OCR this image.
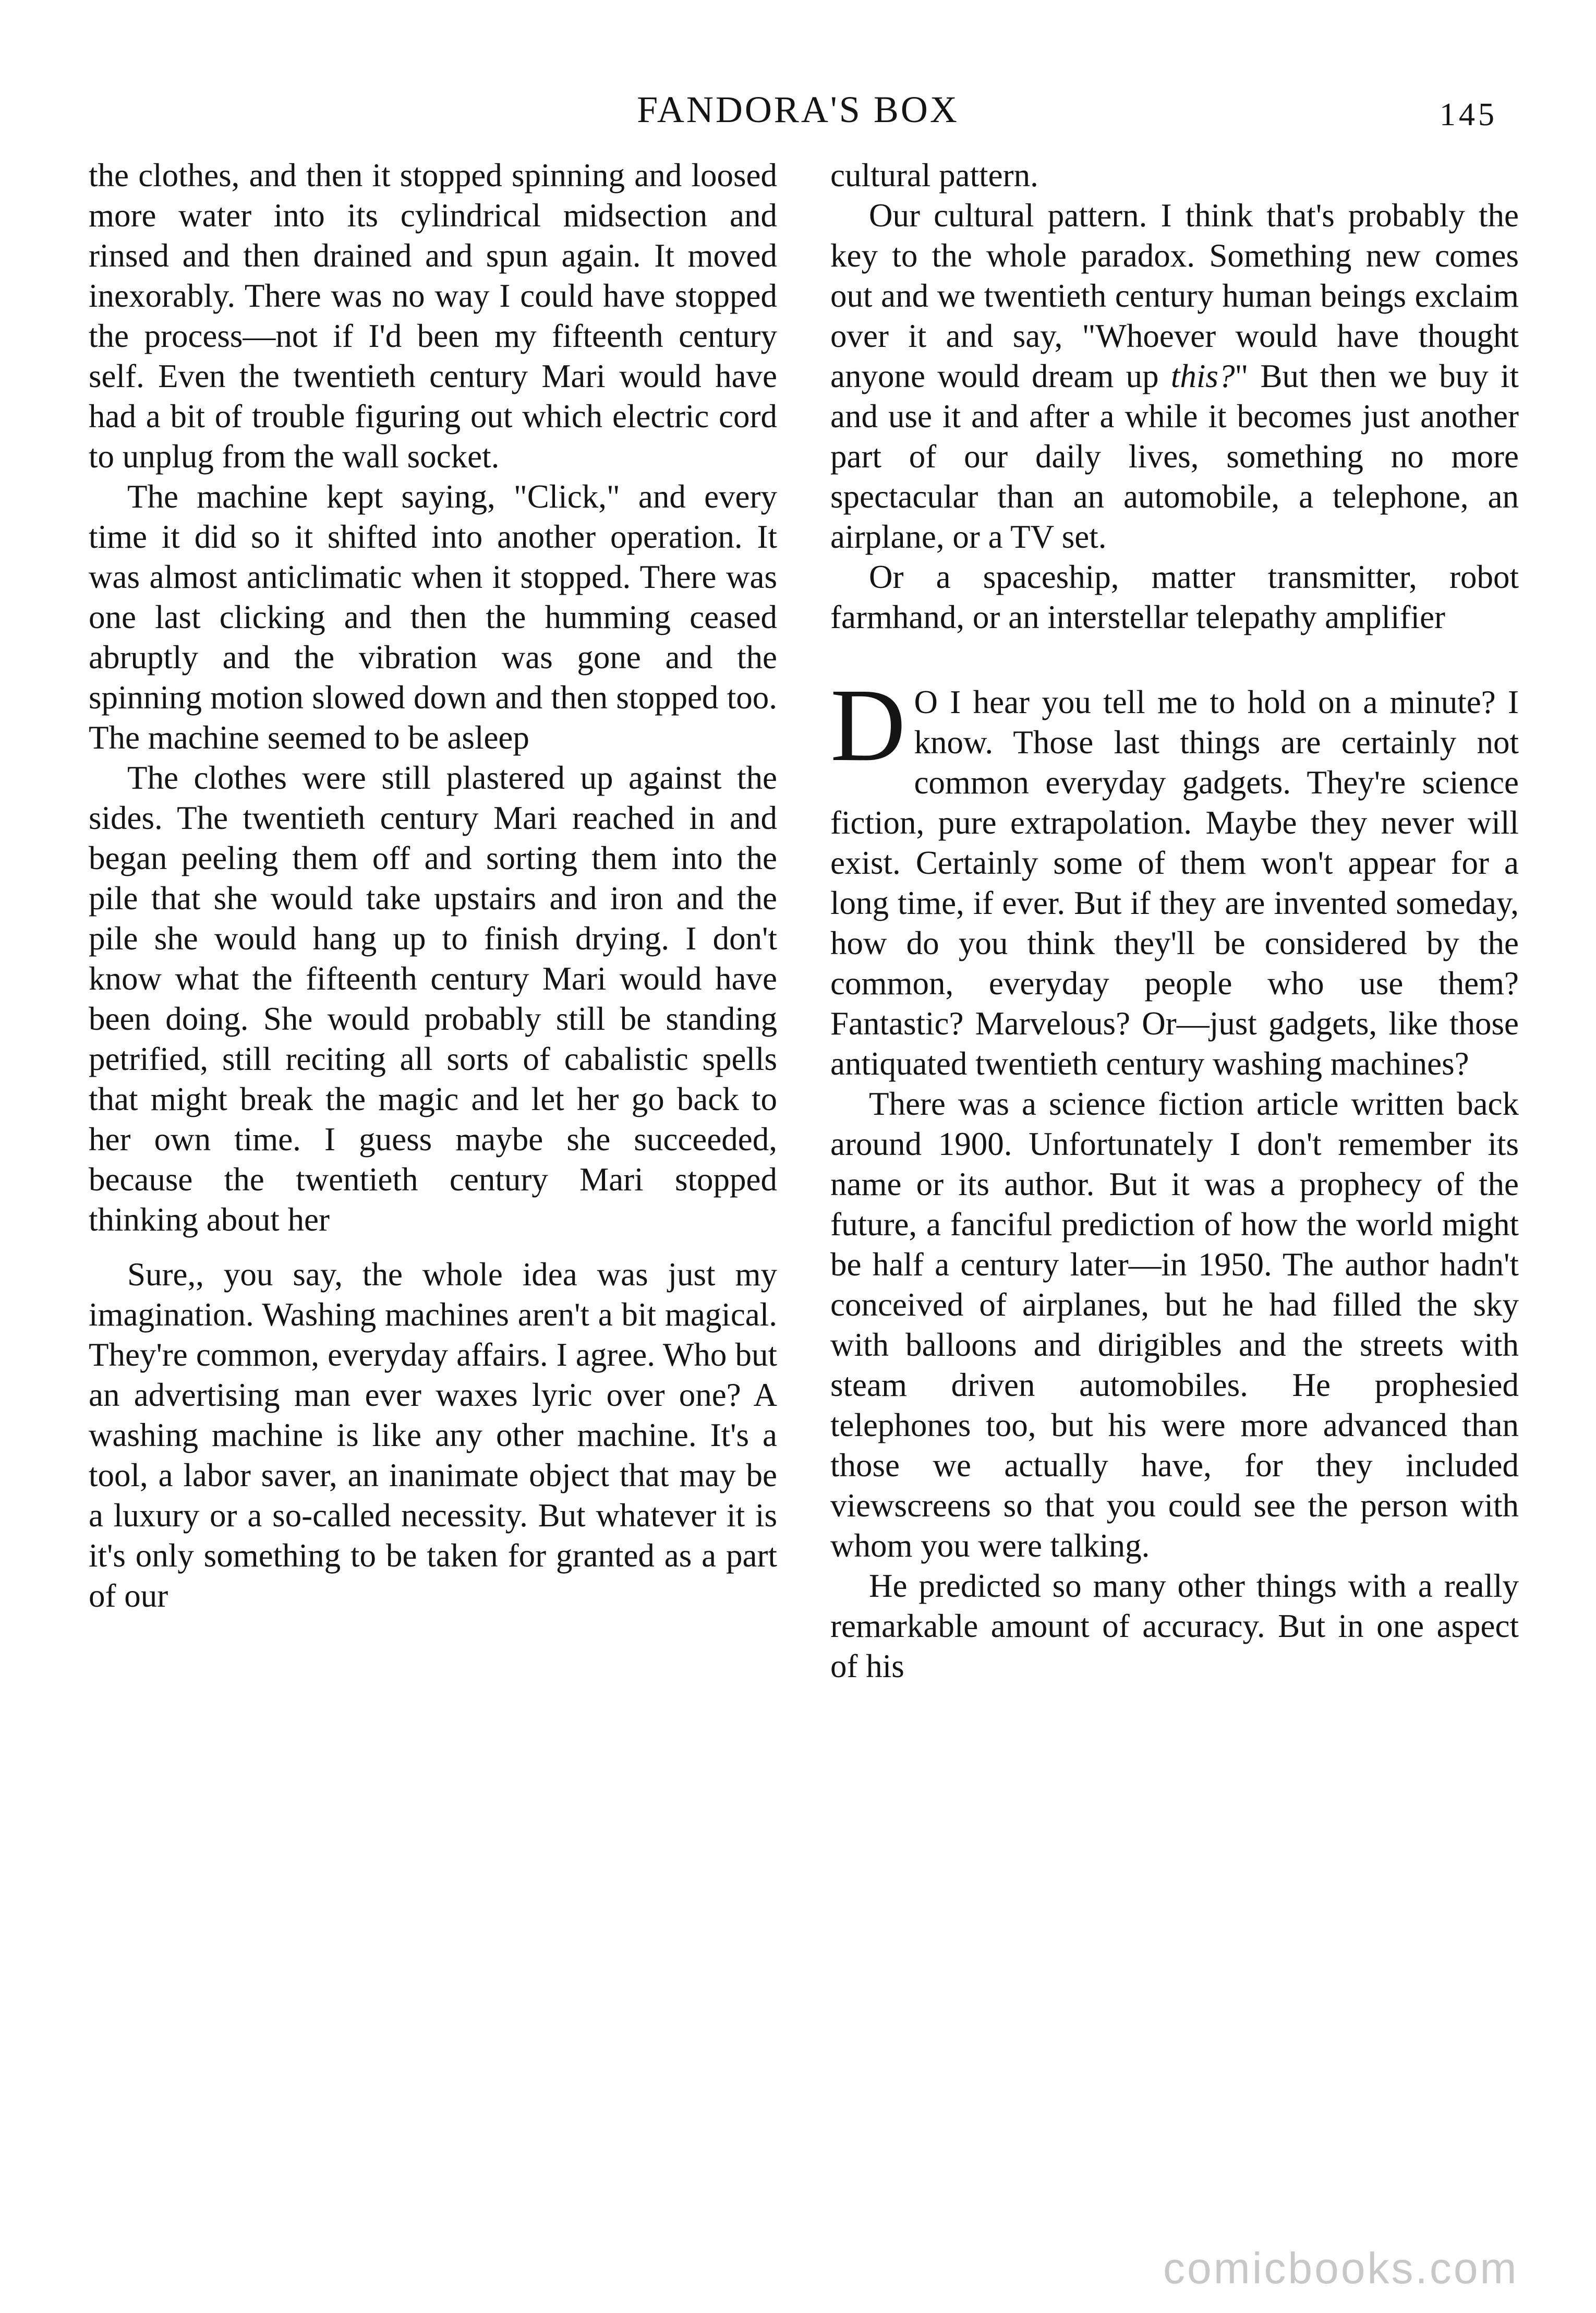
FANDORA'S BOX	145

the clothes, and then it stopped spinning and loosed more water into its cylindrical midsection and rinsed and then drained and spun again. It moved inexorably. There was no way I could have stopped the process—not if I'd been my fifteenth century self. Even the twentieth century Mari would have had a bit of trouble figuring out which electric cord to unplug from the wall socket.

The machine kept saying, "Click," and every time it did so it shifted into another operation. It was almost anticlimatic when it stopped. There was one last clicking and then the humming ceased abruptly and the vibration was gone and the spinning motion slowed down and then stopped too. The machine seemed to be asleep

The clothes were still plastered up against the sides. The twentieth century Mari reached in and began peeling them off and sorting them into the pile that she would take upstairs and iron and the pile she would hang up to finish drying. I don't know what the fifteenth century Mari would have been doing. She would probably still be standing petrified, still reciting all sorts of cabalistic spells that might break the magic and let her go back to her own time. I guess maybe she succeeded, because the twentieth century Mari stopped thinking about her

Sure,, you say, the whole idea was just my imagination. Washing machines aren't a bit magical. They're common, everyday affairs. I agree. Who but an advertising man ever waxes lyric over one? A washing machine is like any other machine. It's a tool, a labor saver, an inanimate object that may be a luxury or a so-called necessity. But whatever it is it's only something to be taken for granted as a part of our

cultural pattern.

Our cultural pattern. I think that's probably the key to the whole paradox. Something new comes out and we twentieth century human beings exclaim over it and say, "Whoever would have thought anyone would dream up this?" But then we buy it and use it and after a while it becomes just another part of our daily lives, something no more spectacular than an automobile, a telephone, an airplane, or a TV set.

Or a spaceship, matter transmitter, robot farmhand, or an interstellar telepathy amplifier

D O I hear you tell me to hold on a minute? I know. Those last things are certainly not common everyday gadgets. They're science fiction, pure extrapolation. Maybe they never will exist. Certainly some of them won't appear for a long time, if ever. But if they are invented someday, how do you think they'll be considered by the common, everyday people who use them? Fantastic? Marvelous? Or—just gadgets, like those antiquated twentieth century washing machines?

There was a science fiction article written back around 1900. Unfortunately I don't remember its name or its author. But it was a prophecy of the future, a fanciful prediction of how the world might be half a century later—in 1950. The author hadn't conceived of airplanes, but he had filled the sky with balloons and dirigibles and the streets with steam driven automobiles. He prophesied telephones too, but his were more advanced than those we actually have, for they included viewscreens so that you could see the person with whom you were talking.

He predicted so many other things with a really remarkable amount of accuracy. But in one aspect of his

comicbooks.com
